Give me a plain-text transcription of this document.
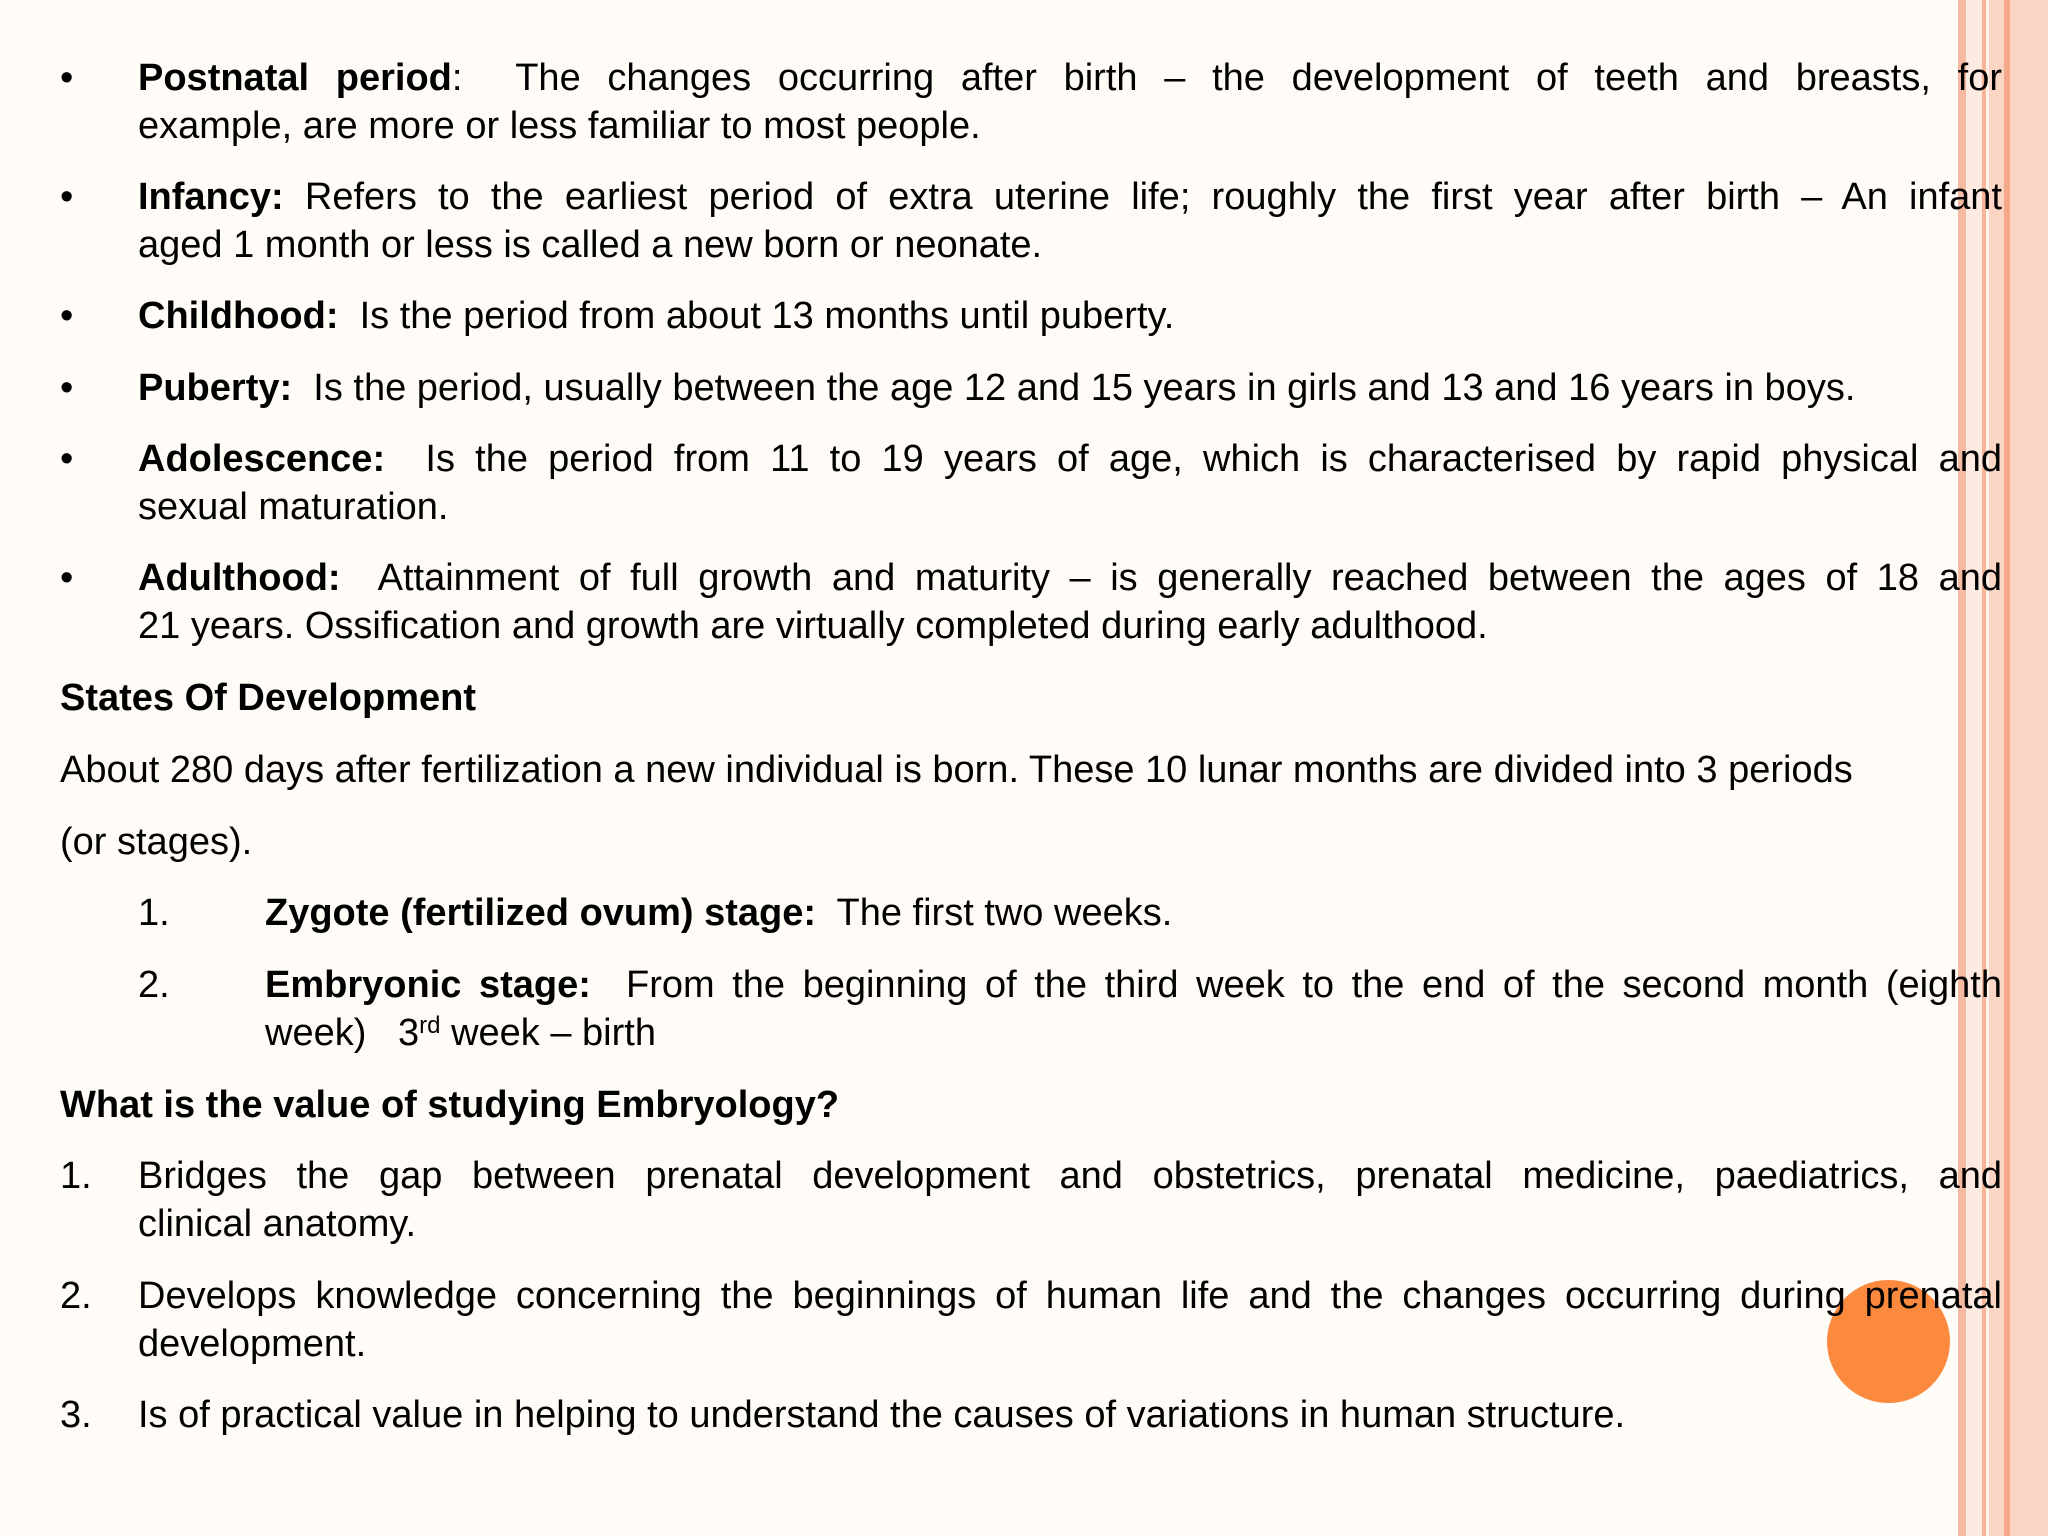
• Postnatal period: The changes occurring after birth – the development of teeth and breasts, for
example, are more or less familiar to most people.
• Infancy: Refers to the earliest period of extra uterine life; roughly the first year after birth – An infant
aged 1 month or less is called a new born or neonate.
• Childhood: Is the period from about 13 months until puberty.
• Puberty: Is the period, usually between the age 12 and 15 years in girls and 13 and 16 years in boys.
• Adolescence: Is the period from 11 to 19 years of age, which is characterised by rapid physical and
sexual maturation.
• Adulthood: Attainment of full growth and maturity – is generally reached between the ages of 18 and
21 years. Ossification and growth are virtually completed during early adulthood.
States Of Development
About 280 days after fertilization a new individual is born. These 10 lunar months are divided into 3 periods
(or stages).
1.	Zygote (fertilized ovum) stage: The first two weeks.
2.	Embryonic stage: From the beginning of the third week to the end of the second month (eighth
week)   3rd week – birth
What is the value of studying Embryology?
1. Bridges the gap between prenatal development and obstetrics, prenatal medicine, paediatrics, and
clinical anatomy.
2. Develops knowledge concerning the beginnings of human life and the changes occurring during prenatal
development.
3. Is of practical value in helping to understand the causes of variations in human structure.
